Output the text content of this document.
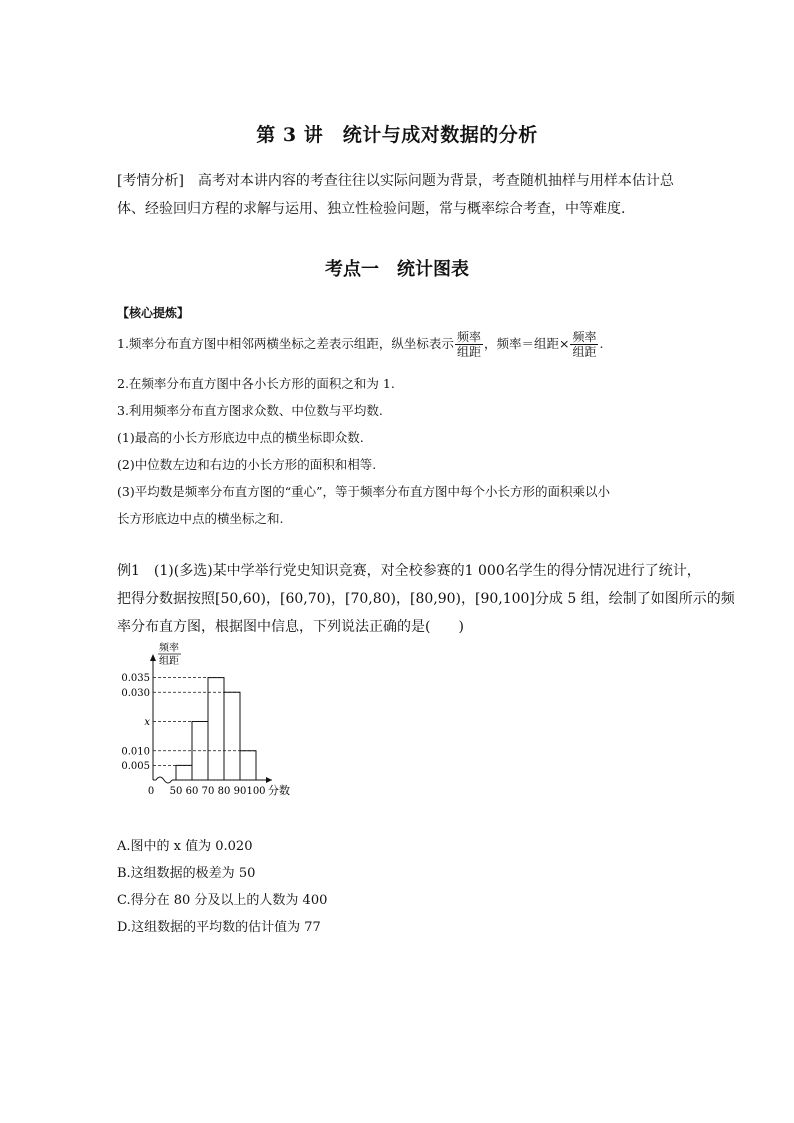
第 3 讲　统计与成对数据的分析
[考情分析]　高考对本讲内容的考查往往以实际问题为背景，考查随机抽样与用样本估计总
体、经验回归方程的求解与运用、独立性检验问题，常与概率综合考查，中等难度.
考点一　统计图表
【核心提炼】
1.频率分布直方图中相邻两横坐标之差表示组距，纵坐标表示 $\frac{\text{频率}}{\text{组距}}$ ，频率＝组距× $\frac{\text{频率}}{\text{组距}}$ .
2.在频率分布直方图中各小长方形的面积之和为 1.
3.利用频率分布直方图求众数、中位数与平均数.
(1)最高的小长方形底边中点的横坐标即众数.
(2)中位数左边和右边的小长方形的面积和相等.
(3)平均数是频率分布直方图的“重心”，等于频率分布直方图中每个小长方形的面积乘以小
长方形底边中点的横坐标之和.
例1　(1)(多选)某中学举行党史知识竞赛，对全校参赛的1 000名学生的得分情况进行了统计，
把得分数据按照[50,60)，[60,70)，[70,80)，[80,90)，[90,100]分成 5 组，绘制了如图所示的频
率分布直方图，根据图中信息，下列说法正确的是(　　)
频率
组距
0.005
0.010
x
0.030
0.035
0 50 60 70 80 90 100 分数
A.图中的 x 值为 0.020
B.这组数据的极差为 50
C.得分在 80 分及以上的人数为 400
D.这组数据的平均数的估计值为 77
